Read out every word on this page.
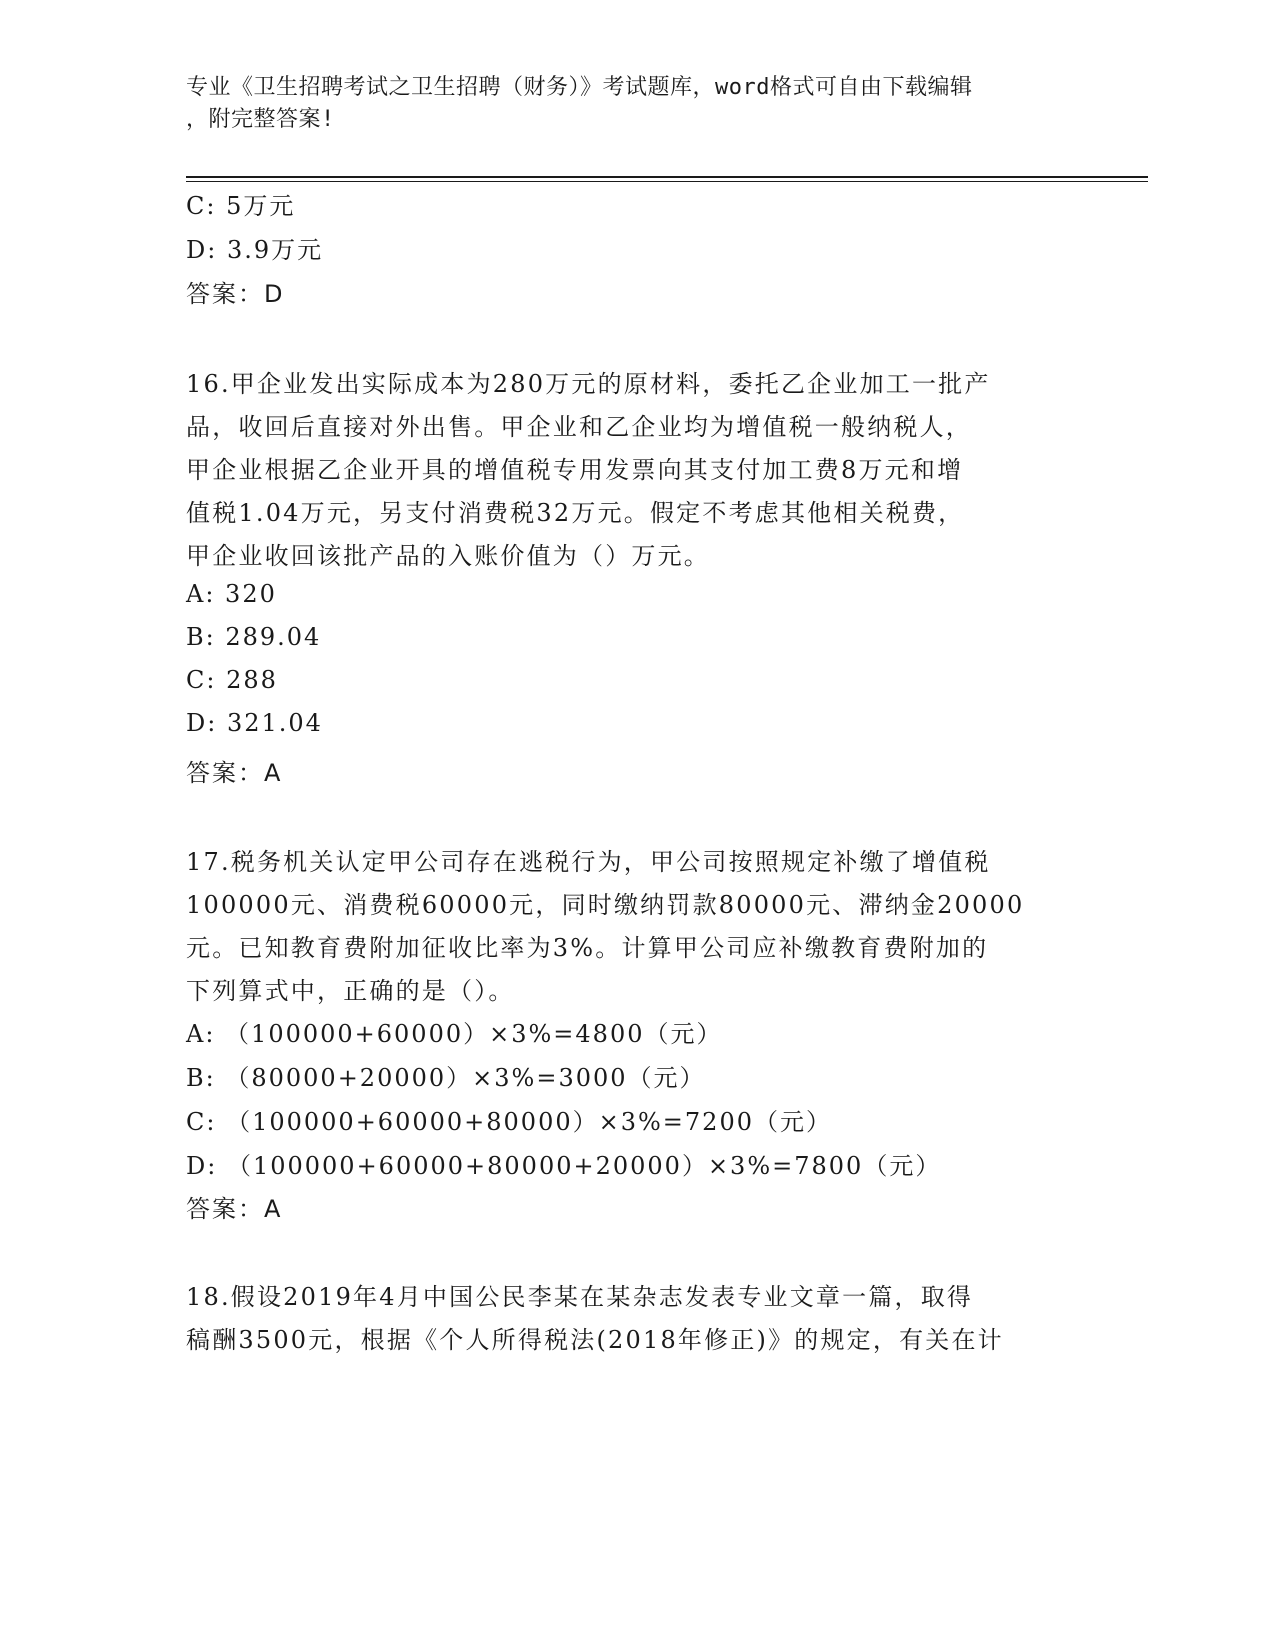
专业《卫生招聘考试之卫生招聘（财务）》考试题库，word格式可自由下载编辑
，附完整答案!
C: 5万元
D: 3.9万元
答案：D
16.甲企业发出实际成本为280万元的原材料，委托乙企业加工一批产
品，收回后直接对外出售。甲企业和乙企业均为增值税一般纳税人，
甲企业根据乙企业开具的增值税专用发票向其支付加工费8万元和增
值税1.04万元，另支付消费税32万元。假定不考虑其他相关税费，
甲企业收回该批产品的入账价值为（）万元。
A: 320
B: 289.04
C: 288
D: 321.04
答案：A
17.税务机关认定甲公司存在逃税行为，甲公司按照规定补缴了增值税
100000元、消费税60000元，同时缴纳罚款80000元、滞纳金20000
元。已知教育费附加征收比率为3%。计算甲公司应补缴教育费附加的
下列算式中，正确的是（）。
A: （100000+60000）×3%=4800（元）
B: （80000+20000）×3%=3000（元）
C: （100000+60000+80000）×3%=7200（元）
D: （100000+60000+80000+20000）×3%=7800（元）
答案：A
18.假设2019年4月中国公民李某在某杂志发表专业文章一篇，取得
稿酬3500元，根据《个人所得税法(2018年修正)》的规定，有关在计
